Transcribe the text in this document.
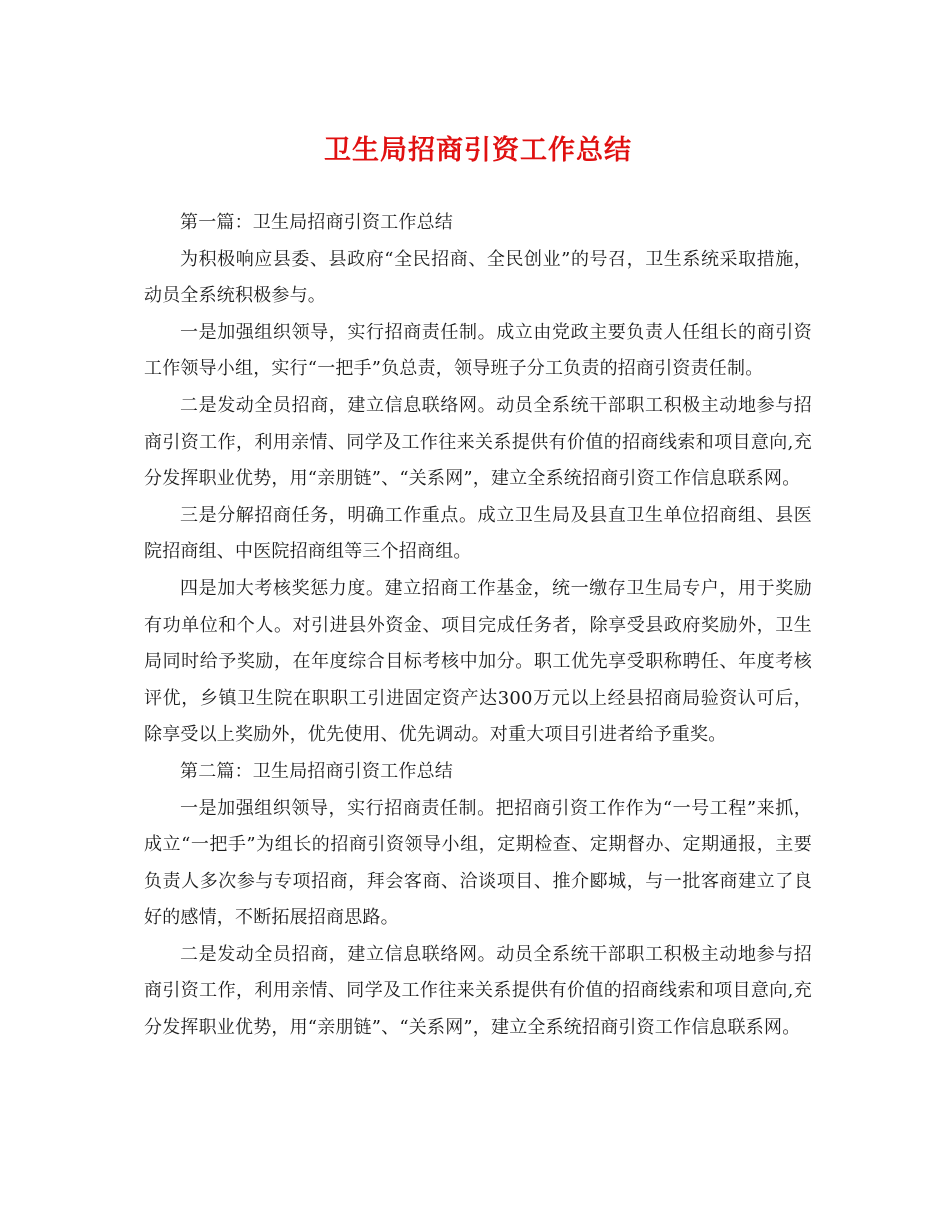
卫生局招商引资工作总结

第一篇：卫生局招商引资工作总结

为积极响应县委、县政府“全民招商、全民创业”的号召，卫生系统采取措施，动员全系统积极参与。

一是加强组织领导，实行招商责任制。成立由党政主要负责人任组长的商引资工作领导小组，实行“一把手”负总责，领导班子分工负责的招商引资责任制。

二是发动全员招商，建立信息联络网。动员全系统干部职工积极主动地参与招商引资工作，利用亲情、同学及工作往来关系提供有价值的招商线索和项目意向,充分发挥职业优势，用“亲朋链”、“关系网”，建立全系统招商引资工作信息联系网。

三是分解招商任务，明确工作重点。成立卫生局及县直卫生单位招商组、县医院招商组、中医院招商组等三个招商组。

四是加大考核奖惩力度。建立招商工作基金，统一缴存卫生局专户，用于奖励有功单位和个人。对引进县外资金、项目完成任务者，除享受县政府奖励外，卫生局同时给予奖励，在年度综合目标考核中加分。职工优先享受职称聘任、年度考核评优，乡镇卫生院在职职工引进固定资产达300万元以上经县招商局验资认可后，除享受以上奖励外，优先使用、优先调动。对重大项目引进者给予重奖。

第二篇：卫生局招商引资工作总结

一是加强组织领导，实行招商责任制。把招商引资工作作为“一号工程”来抓，成立“一把手”为组长的招商引资领导小组，定期检查、定期督办、定期通报，主要负责人多次参与专项招商，拜会客商、洽谈项目、推介郾城，与一批客商建立了良好的感情，不断拓展招商思路。

二是发动全员招商，建立信息联络网。动员全系统干部职工积极主动地参与招商引资工作，利用亲情、同学及工作往来关系提供有价值的招商线索和项目意向,充分发挥职业优势，用“亲朋链”、“关系网”，建立全系统招商引资工作信息联系网。
